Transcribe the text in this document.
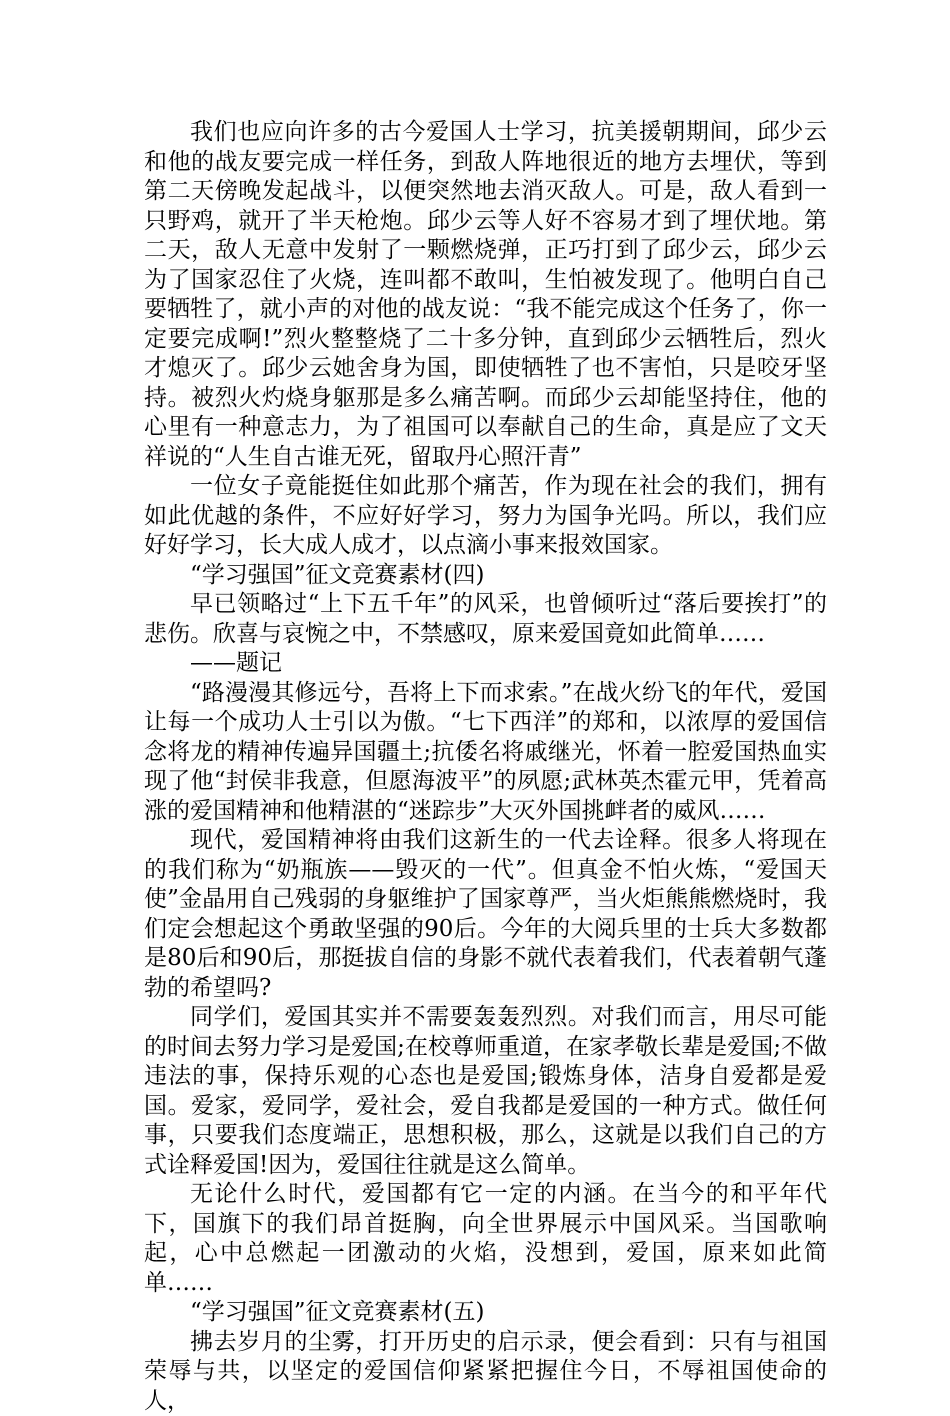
我们也应向许多的古今爱国人士学习，抗美援朝期间，邱少云和他的战友要完成一样任务，到敌人阵地很近的地方去埋伏，等到第二天傍晚发起战斗，以便突然地去消灭敌人。可是，敌人看到一只野鸡，就开了半天枪炮。邱少云等人好不容易才到了埋伏地。第二天，敌人无意中发射了一颗燃烧弹，正巧打到了邱少云，邱少云为了国家忍住了火烧，连叫都不敢叫，生怕被发现了。他明白自己要牺牲了，就小声的对他的战友说：“我不能完成这个任务了，你一定要完成啊!”烈火整整烧了二十多分钟，直到邱少云牺牲后，烈火才熄灭了。邱少云她舍身为国，即使牺牲了也不害怕，只是咬牙坚持。被烈火灼烧身躯那是多么痛苦啊。而邱少云却能坚持住，他的心里有一种意志力，为了祖国可以奉献自己的生命，真是应了文天祥说的“人生自古谁无死，留取丹心照汗青”

一位女子竟能挺住如此那个痛苦，作为现在社会的我们，拥有如此优越的条件，不应好好学习，努力为国争光吗。所以，我们应好好学习，长大成人成才，以点滴小事来报效国家。

“学习强国”征文竞赛素材(四)

早已领略过“上下五千年”的风采，也曾倾听过“落后要挨打”的悲伤。欣喜与哀惋之中，不禁感叹，原来爱国竟如此简单……

——题记

“路漫漫其修远兮，吾将上下而求索。”在战火纷飞的年代，爱国让每一个成功人士引以为傲。“七下西洋”的郑和，以浓厚的爱国信念将龙的精神传遍异国疆土;抗倭名将戚继光，怀着一腔爱国热血实现了他“封侯非我意，但愿海波平”的夙愿;武林英杰霍元甲，凭着高涨的爱国精神和他精湛的“迷踪步”大灭外国挑衅者的威风……

现代，爱国精神将由我们这新生的一代去诠释。很多人将现在的我们称为“奶瓶族——毁灭的一代”。但真金不怕火炼，“爱国天使”金晶用自己残弱的身躯维护了国家尊严，当火炬熊熊燃烧时，我们定会想起这个勇敢坚强的90后。今年的大阅兵里的士兵大多数都是80后和90后，那挺拔自信的身影不就代表着我们，代表着朝气蓬勃的希望吗?

同学们，爱国其实并不需要轰轰烈烈。对我们而言，用尽可能的时间去努力学习是爱国;在校尊师重道，在家孝敬长辈是爱国;不做违法的事，保持乐观的心态也是爱国;锻炼身体，洁身自爱都是爱国。爱家，爱同学，爱社会，爱自我都是爱国的一种方式。做任何事，只要我们态度端正，思想积极，那么，这就是以我们自己的方式诠释爱国!因为，爱国往往就是这么简单。

无论什么时代，爱国都有它一定的内涵。在当今的和平年代下，国旗下的我们昂首挺胸，向全世界展示中国风采。当国歌响起，心中总燃起一团激动的火焰，没想到，爱国，原来如此简单……

“学习强国”征文竞赛素材(五)

拂去岁月的尘雾，打开历史的启示录，便会看到：只有与祖国荣辱与共，以坚定的爱国信仰紧紧把握住今日，不辱祖国使命的人，
